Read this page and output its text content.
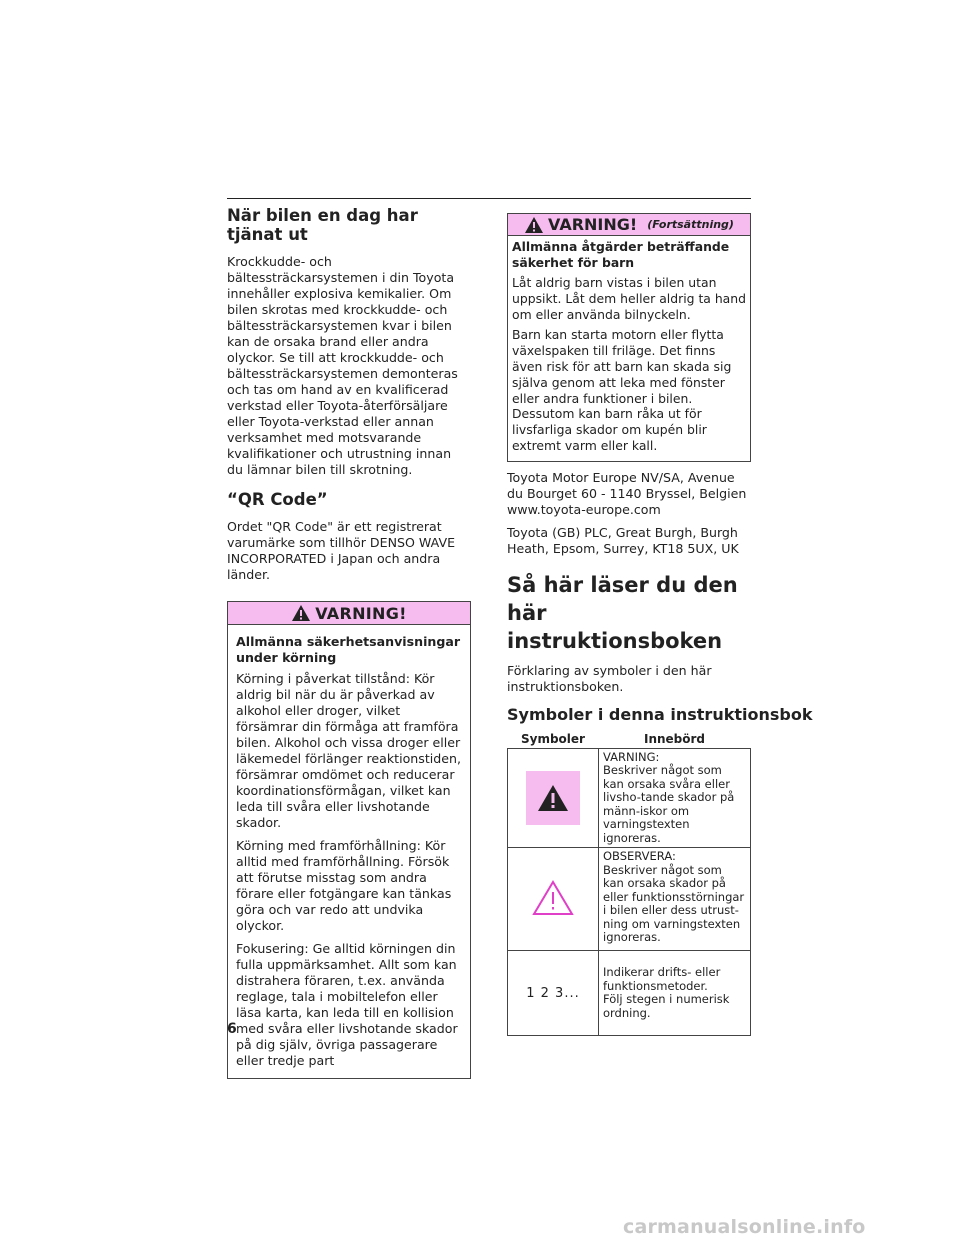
När bilen en dag har tjänat ut

Krockkudde- och bältessträckarsystemen i din Toyota innehåller explosiva kemikalier. Om bilen skrotas med krockkudde- och bältessträckarsystemen kvar i bilen kan de orsaka brand eller andra olyckor. Se till att krockkudde- och bältessträckarsystemen demonteras och tas om hand av en kvalificerad verkstad eller Toyota-återförsäljare eller Toyota-verkstad eller annan verksamhet med motsvarande kvalifikationer och utrustning innan du lämnar bilen till skrotning.

“QR Code”

Ordet "QR Code" är ett registrerat varumärke som tillhör DENSO WAVE INCORPORATED i Japan och andra länder.

VARNING!
Allmänna säkerhetsanvisningar under körning

Körning i påverkat tillstånd: Kör aldrig bil när du är påverkad av alkohol eller droger, vilket försämrar din förmåga att framföra bilen. Alkohol och vissa droger eller läkemedel förlänger reaktionstiden, försämrar omdömet och reducerar koordinationsförmågan, vilket kan leda till svåra eller livshotande skador.

Körning med framförhållning: Kör alltid med framförhållning. Försök att förutse misstag som andra förare eller fotgängare kan tänkas göra och var redo att undvika olyckor.

Fokusering: Ge alltid körningen din fulla uppmärksamhet. Allt som kan distrahera föraren, t.ex. använda reglage, tala i mobiltelefon eller läsa karta, kan leda till en kollision med svåra eller livshotande skador på dig själv, övriga passagerare eller tredje part

VARNING! (Fortsättning)
Allmänna åtgärder beträffande säkerhet för barn

Låt aldrig barn vistas i bilen utan uppsikt. Låt dem heller aldrig ta hand om eller använda bilnyckeln.

Barn kan starta motorn eller flytta växelspaken till friläge. Det finns även risk för att barn kan skada sig själva genom att leka med fönster eller andra funktioner i bilen. Dessutom kan barn råka ut för livsfarliga skador om kupén blir extremt varm eller kall.

Toyota Motor Europe NV/SA, Avenue du Bourget 60 - 1140 Bryssel, Belgien www.toyota-europe.com

Toyota (GB) PLC, Great Burgh, Burgh Heath, Epsom, Surrey, KT18 5UX, UK

Så här läser du den här instruktionsboken

Förklaring av symboler i den här instruktionsboken.

Symboler i denna instruktionsbok
Symboler	Innebörd

	VARNING:
Beskriver något som kan orsaka svåra eller livsho-tande skador på männ-iskor om varningstexten ignoreras.
	OBSERVERA:
Beskriver något som kan orsaka skador på eller funktionsstörningar i bilen eller dess utrust-ning om varningstexten ignoreras.
1 2 3...	Indikerar drifts- eller funktionsmetoder.
Följ stegen i numerisk ordning.
6
carmanualsonline.info
